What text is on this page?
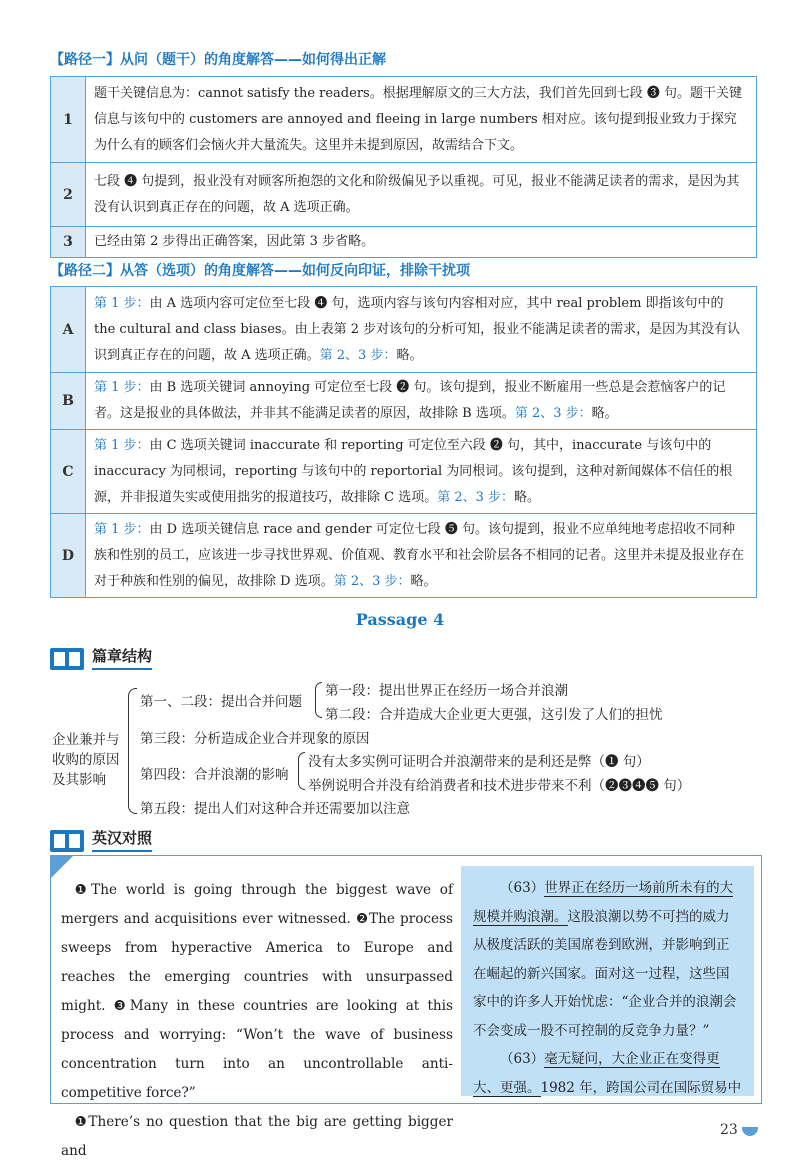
【路径一】从问（题干）的角度解答——如何得出正解
1	题干关键信息为：cannot satisfy the readers。根据理解原文的三大方法，我们首先回到七段 ❸ 句。题干关键信息与该句中的 customers are annoyed and fleeing in large numbers 相对应。该句提到报业致力于探究为什么有的顾客们会恼火并大量流失。这里并未提到原因，故需结合下文。
2	七段 ❹ 句提到，报业没有对顾客所抱怨的文化和阶级偏见予以重视。可见，报业不能满足读者的需求，是因为其没有认识到真正存在的问题，故 A 选项正确。
3	已经由第 2 步得出正确答案，因此第 3 步省略。
【路径二】从答（选项）的角度解答——如何反向印证，排除干扰项
A	第 1 步：由 A 选项内容可定位至七段 ❹ 句，选项内容与该句内容相对应，其中 real problem 即指该句中的 the cultural and class biases。由上表第 2 步对该句的分析可知，报业不能满足读者的需求，是因为其没有认识到真正存在的问题，故 A 选项正确。第 2、3 步：略。
B	第 1 步：由 B 选项关键词 annoying 可定位至七段 ❷ 句。该句提到，报业不断雇用一些总是会惹恼客户的记者。这是报业的具体做法，并非其不能满足读者的原因，故排除 B 选项。第 2、3 步：略。
C	第 1 步：由 C 选项关键词 inaccurate 和 reporting 可定位至六段 ❷ 句，其中，inaccurate 与该句中的 inaccuracy 为同根词，reporting 与该句中的 reportorial 为同根词。该句提到，这种对新闻媒体不信任的根源，并非报道失实或使用拙劣的报道技巧，故排除 C 选项。第 2、3 步：略。
D	第 1 步：由 D 选项关键信息 race and gender 可定位七段 ❺ 句。该句提到，报业不应单纯地考虑招收不同种族和性别的员工，应该进一步寻找世界观、价值观、教育水平和社会阶层各不相同的记者。这里并未提及报业存在对于种族和性别的偏见，故排除 D 选项。第 2、3 步：略。
Passage 4
篇章结构
企业兼并与
收购的原因
及其影响
第一、二段：提出合并问题
第一段：提出世界正在经历一场合并浪潮
第二段：合并造成大企业更大更强，这引发了人们的担忧
第三段：分析造成企业合并现象的原因
第四段：合并浪潮的影响
没有太多实例可证明合并浪潮带来的是利还是弊（❶ 句）
举例说明合并没有给消费者和技术进步带来不利（❷❸❹❺ 句）
第五段：提出人们对这种合并还需要加以注意
英汉对照

❶The world is going through the biggest wave of mergers and acquisitions ever witnessed. ❷The process sweeps from hyperactive America to Europe and reaches the emerging countries with unsurpassed might. ❸Many in these countries are looking at this process and worrying: “Won’t the wave of business concentration turn into an uncontrollable anti-competitive force?”

❶There’s no question that the big are getting bigger and

（63）世界正在经历一场前所未有的大规模并购浪潮。这股浪潮以势不可挡的威力从极度活跃的美国席卷到欧洲，并影响到正在崛起的新兴国家。面对这一过程，这些国家中的许多人开始忧虑：“企业合并的浪潮会不会变成一股不可控制的反竞争力量？”

（63）毫无疑问，大企业正在变得更大、更强。1982 年，跨国公司在国际贸易中

23
